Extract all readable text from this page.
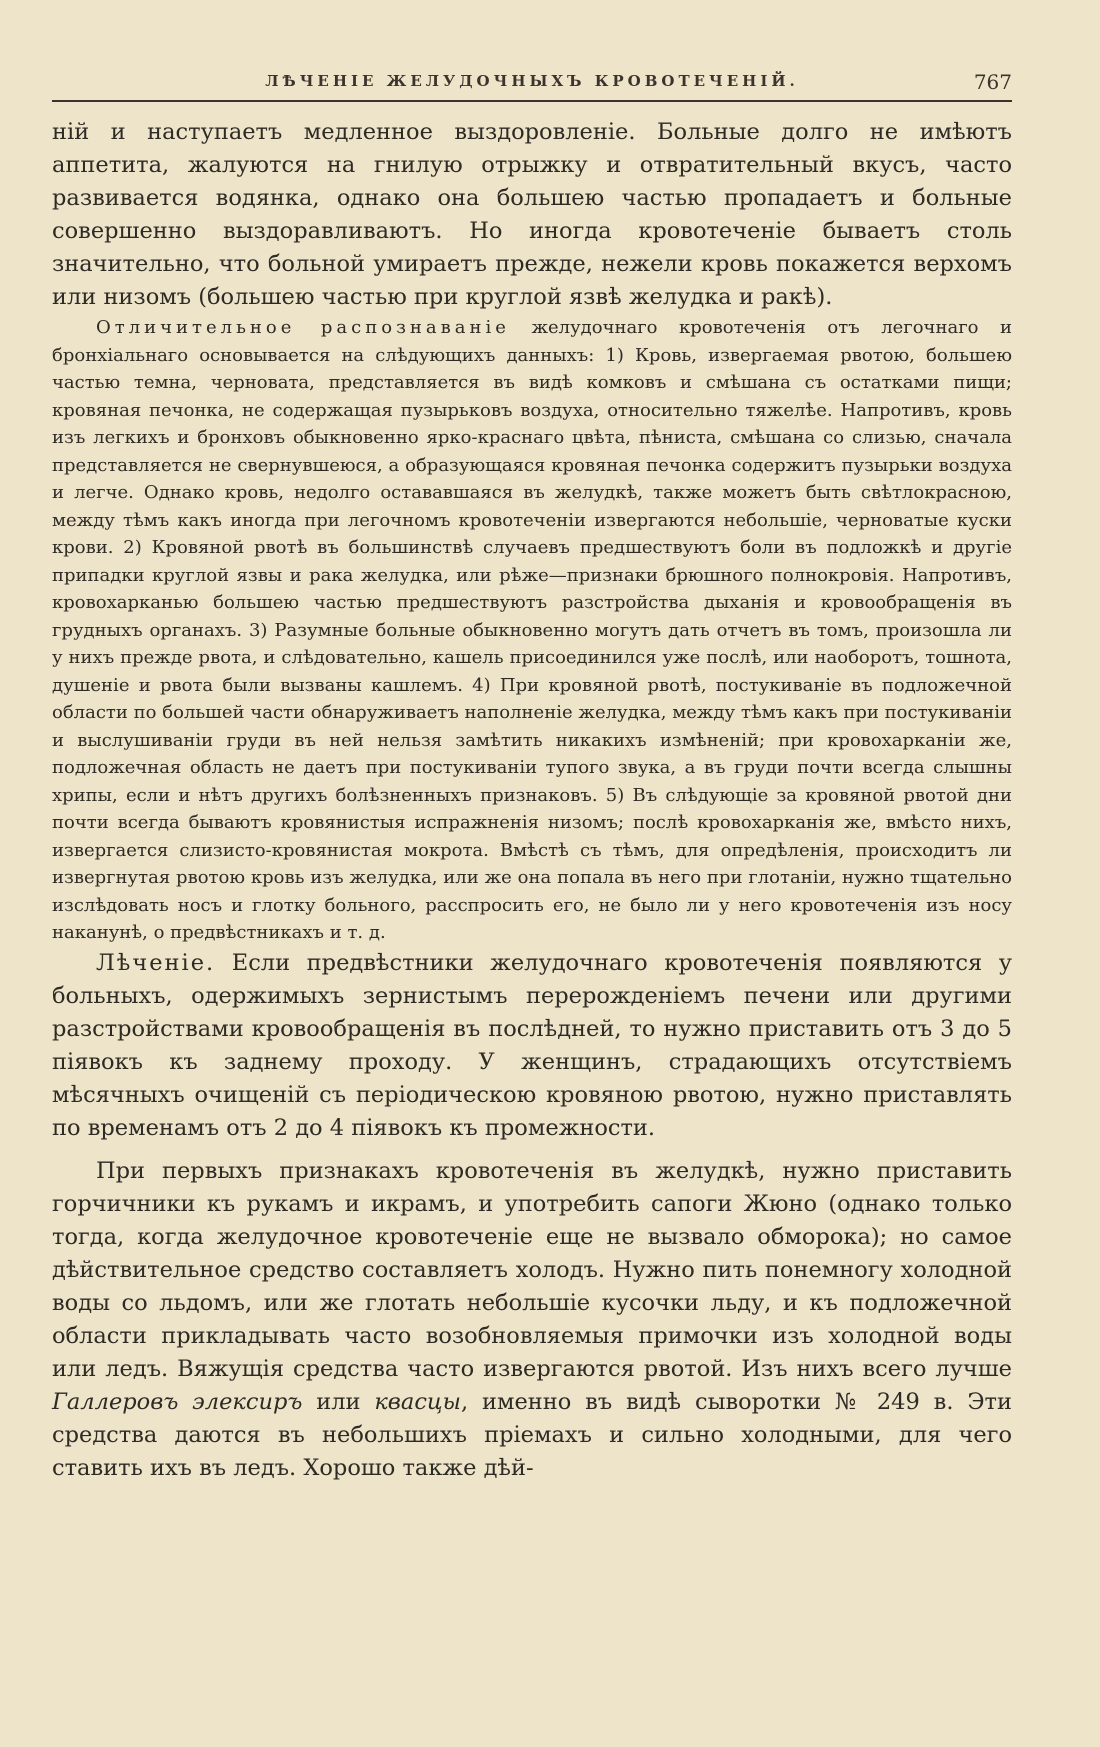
ЛѢЧЕНІЕ ЖЕЛУДОЧНЫХЪ КРОВОТЕЧЕНІЙ.	767

ній и наступаетъ медленное выздоровленіе. Больные долго не имѣютъ аппетита, жалуются на гнилую отрыжку и отвратительный вкусъ, часто развивается водянка, однако она большею частью пропадаетъ и больные совершенно выздоравливаютъ. Но иногда кровотеченіе бываетъ столь значительно, что больной умираетъ прежде, нежели кровь покажется верхомъ или низомъ (большею частью при круглой язвѣ желудка и ракѣ).

Отличительное распознаваніе желудочнаго кровотеченія отъ легочнаго и бронхіальнаго основывается на слѣдующихъ данныхъ: 1) Кровь, извергаемая рвотою, большею частью темна, черновата, представляется въ видѣ комковъ и смѣшана съ остатками пищи; кровяная печонка, не содержащая пузырьковъ воздуха, относительно тяжелѣе. Напротивъ, кровь изъ легкихъ и бронховъ обыкновенно ярко-краснаго цвѣта, пѣниста, смѣшана со слизью, сначала представляется не свернувшеюся, а образующаяся кровяная печонка содержитъ пузырьки воздуха и легче. Однако кровь, недолго остававшаяся въ желудкѣ, также можетъ быть свѣтлокрасною, между тѣмъ какъ иногда при легочномъ кровотеченіи извергаются небольшіе, черноватые куски крови. 2) Кровяной рвотѣ въ большинствѣ случаевъ предшествуютъ боли въ подложкѣ и другіе припадки круглой язвы и рака желудка, или рѣже—признаки брюшного полнокровія. Напротивъ, кровохарканью большею частью предшествуютъ разстройства дыханія и кровообращенія въ грудныхъ органахъ. 3) Разумные больные обыкновенно могутъ дать отчетъ въ томъ, произошла ли у нихъ прежде рвота, и слѣдовательно, кашель присоединился уже послѣ, или наоборотъ, тошнота, душеніе и рвота были вызваны кашлемъ. 4) При кровяной рвотѣ, постукиваніе въ подложечной области по большей части обнаруживаетъ наполненіе желудка, между тѣмъ какъ при постукиваніи и выслушиваніи груди въ ней нельзя замѣтить никакихъ измѣненій; при кровохарканіи же, подложечная область не даетъ при постукиваніи тупого звука, а въ груди почти всегда слышны хрипы, если и нѣтъ другихъ болѣзненныхъ признаковъ. 5) Въ слѣдующіе за кровяной рвотой дни почти всегда бываютъ кровянистыя испражненія низомъ; послѣ кровохарканія же, вмѣсто нихъ, извергается слизисто-кровянистая мокрота. Вмѣстѣ съ тѣмъ, для опредѣленія, происходитъ ли извергнутая рвотою кровь изъ желудка, или же она попала въ него при глотаніи, нужно тщательно изслѣдовать носъ и глотку больного, расспросить его, не было ли у него кровотеченія изъ носу наканунѣ, о предвѣстникахъ и т. д.

Лѣченіе. Если предвѣстники желудочнаго кровотеченія появляются у больныхъ, одержимыхъ зернистымъ перерожденіемъ печени или другими разстройствами кровообращенія въ послѣдней, то нужно приставить отъ 3 до 5 піявокъ къ заднему проходу. У женщинъ, страдающихъ отсутствіемъ мѣсячныхъ очищеній съ періодическою кровяною рвотою, нужно приставлять по временамъ отъ 2 до 4 піявокъ къ промежности.

При первыхъ признакахъ кровотеченія въ желудкѣ, нужно приставить горчичники къ рукамъ и икрамъ, и употребить сапоги Жюно (однако только тогда, когда желудочное кровотеченіе еще не вызвало обморока); но самое дѣйствительное средство составляетъ холодъ. Нужно пить понемногу холодной воды со льдомъ, или же глотать небольшіе кусочки льду, и къ подложечной области прикладывать часто возобновляемыя примочки изъ холодной воды или ледъ. Вяжущія средства часто извергаются рвотой. Изъ нихъ всего лучше Галлеровъ элексиръ или квасцы, именно въ видѣ сыворотки № 249 в. Эти средства даются въ небольшихъ пріемахъ и сильно холодными, для чего ставить ихъ въ ледъ. Хорошо также дѣй-
